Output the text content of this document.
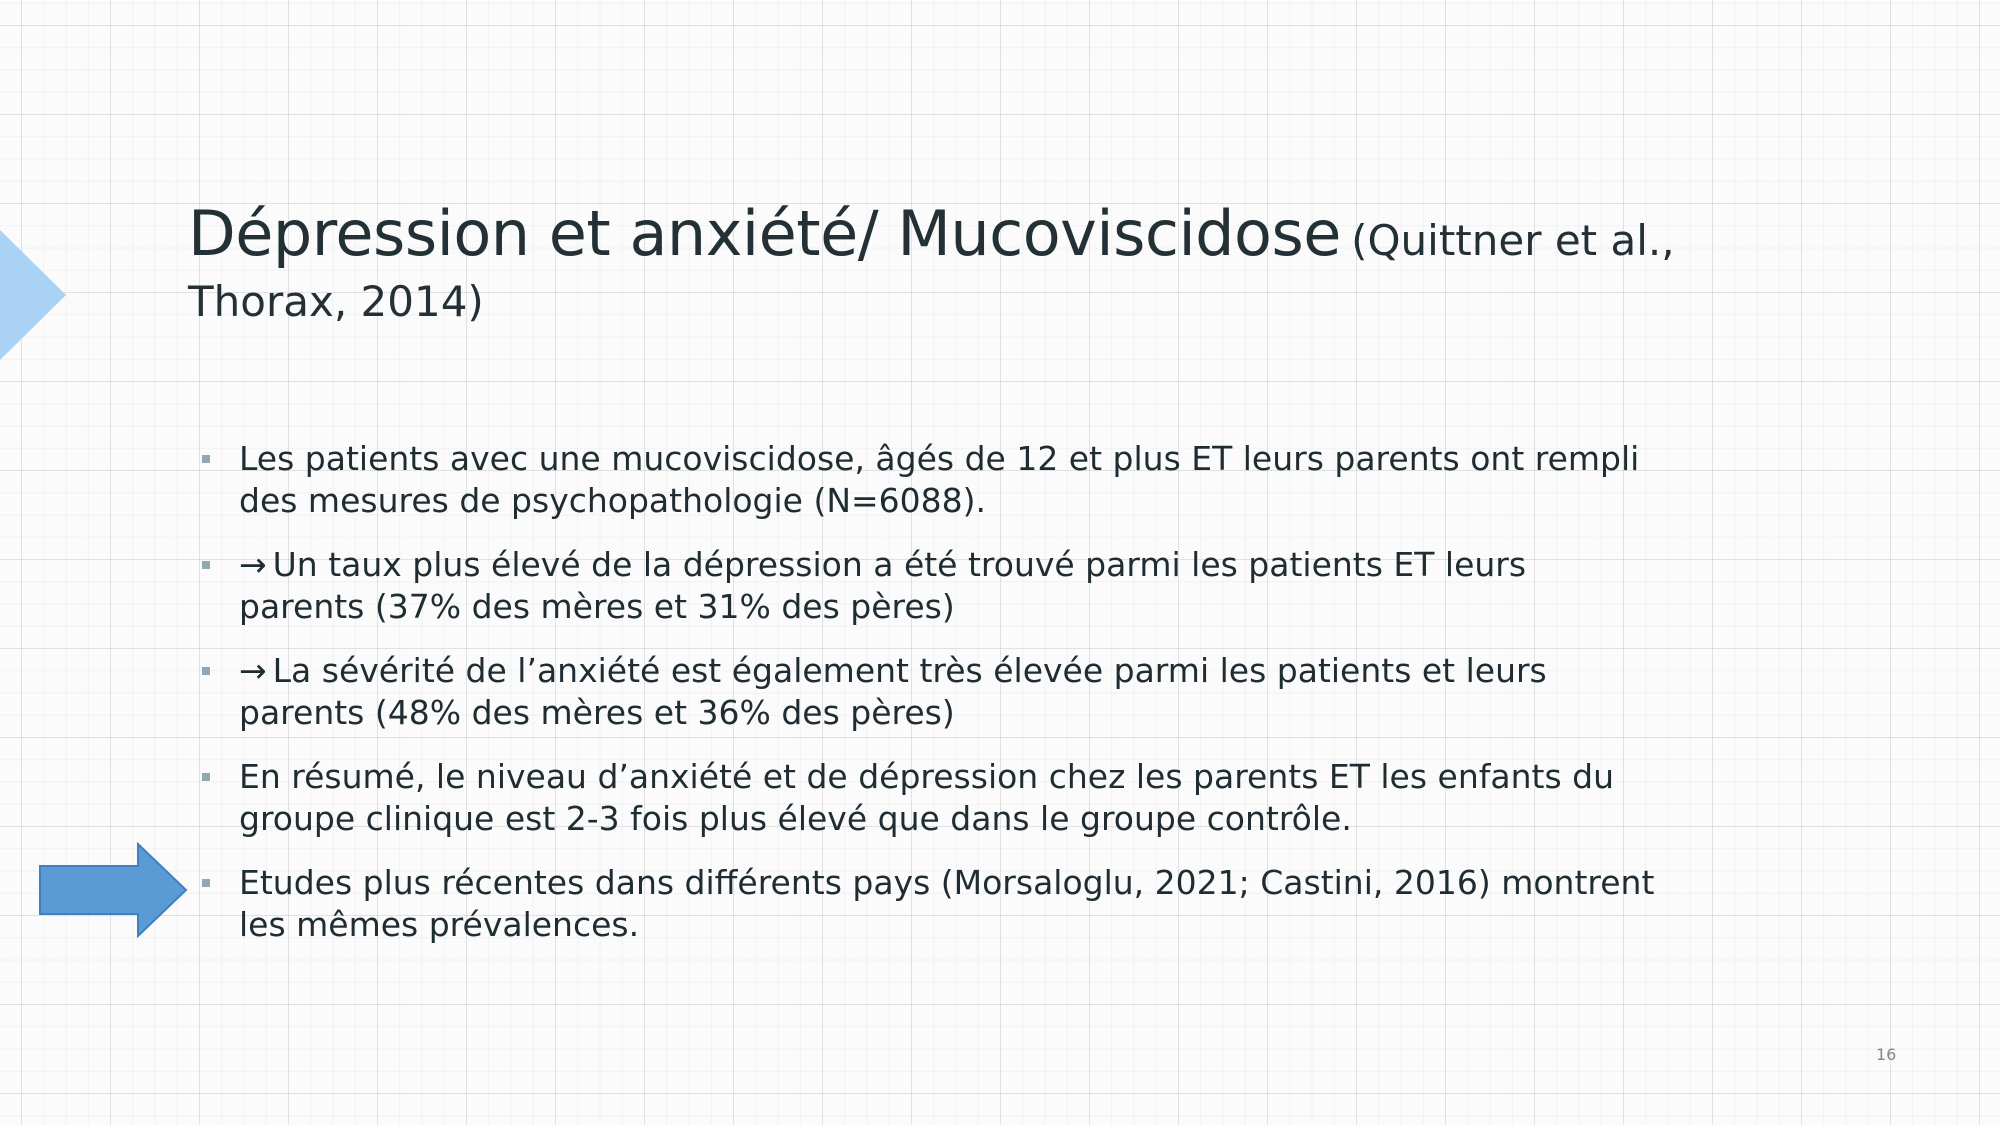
Dépression et anxiété/ Mucoviscidose (Quittner et al.,
Thorax, 2014)
Les patients avec une mucoviscidose, âgés de 12 et plus ET leurs parents ont rempli des mesures de psychopathologie (N=6088).
→ Un taux plus élevé de la dépression a été trouvé parmi les patients ET leurs parents (37% des mères et 31% des pères)
→ La sévérité de l’anxiété est également très élevée parmi les patients et leurs parents (48% des mères et 36% des pères)
En résumé, le niveau d’anxiété et de dépression chez les parents ET les enfants du groupe clinique est 2-3 fois plus élevé que dans le groupe contrôle.
Etudes plus récentes dans différents pays (Morsaloglu, 2021; Castini, 2016) montrent les mêmes prévalences.
16
